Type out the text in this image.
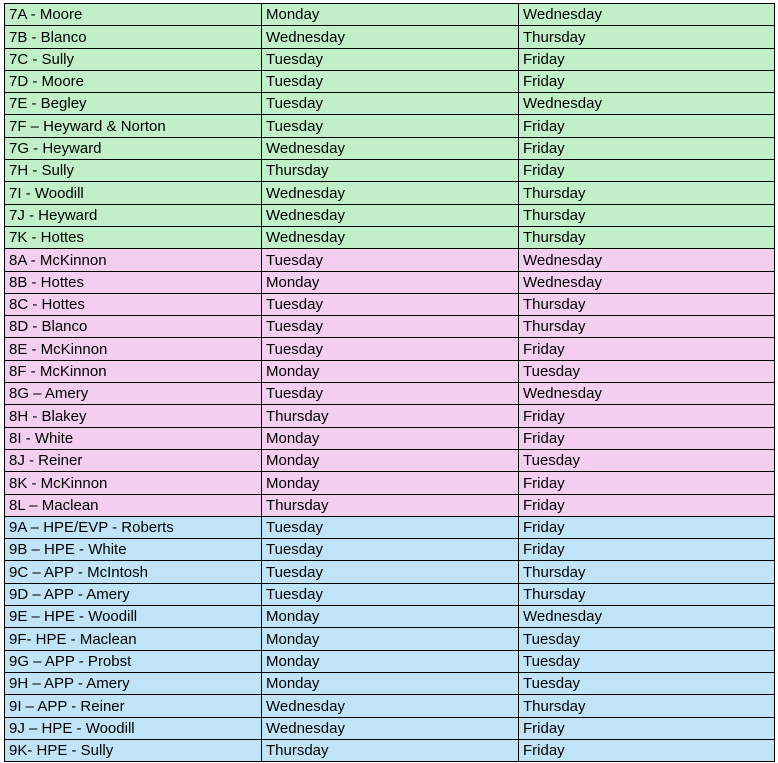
7A - Moore	Monday	Wednesday
7B - Blanco	Wednesday	Thursday
7C - Sully	Tuesday	Friday
7D - Moore	Tuesday	Friday
7E - Begley	Tuesday	Wednesday
7F – Heyward & Norton	Tuesday	Friday
7G - Heyward	Wednesday	Friday
7H - Sully	Thursday	Friday
7I - Woodill	Wednesday	Thursday
7J - Heyward	Wednesday	Thursday
7K - Hottes	Wednesday	Thursday
8A - McKinnon	Tuesday	Wednesday
8B - Hottes	Monday	Wednesday
8C - Hottes	Tuesday	Thursday
8D - Blanco	Tuesday	Thursday
8E - McKinnon	Tuesday	Friday
8F - McKinnon	Monday	Tuesday
8G – Amery	Tuesday	Wednesday
8H - Blakey	Thursday	Friday
8I - White	Monday	Friday
8J - Reiner	Monday	Tuesday
8K - McKinnon	Monday	Friday
8L – Maclean	Thursday	Friday
9A – HPE/EVP - Roberts	Tuesday	Friday
9B – HPE - White	Tuesday	Friday
9C – APP - McIntosh	Tuesday	Thursday
9D – APP - Amery	Tuesday	Thursday
9E – HPE - Woodill	Monday	Wednesday
9F- HPE - Maclean	Monday	Tuesday
9G – APP - Probst	Monday	Tuesday
9H – APP - Amery	Monday	Tuesday
9I – APP - Reiner	Wednesday	Thursday
9J – HPE - Woodill	Wednesday	Friday
9K- HPE - Sully	Thursday	Friday
